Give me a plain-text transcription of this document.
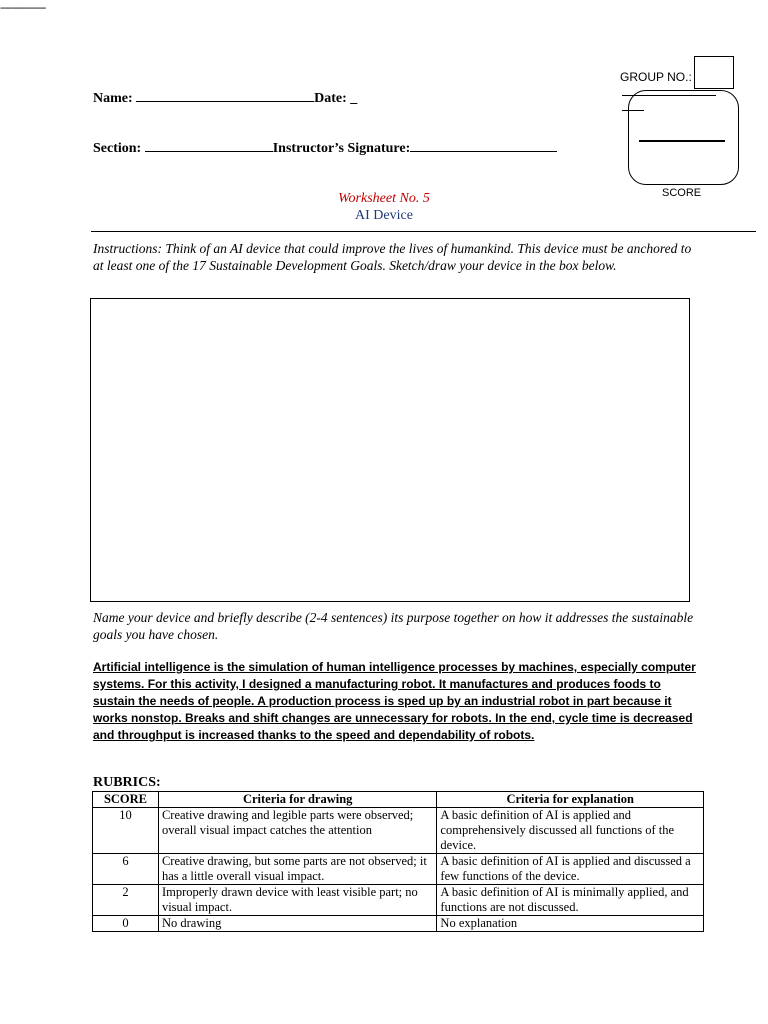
-----------------
Name:	Date: _
Section:	Instructor’s Signature:
GROUP NO.:
SCORE
Worksheet No. 5
AI Device
Instructions: Think of an AI device that could improve the lives of humankind. This device must be anchored to at least one of the 17 Sustainable Development Goals. Sketch/draw your device in the box below.
Name your device and briefly describe (2-4 sentences) its purpose together on how it addresses the sustainable goals you have chosen.
Artificial intelligence is the simulation of human intelligence processes by machines, especially computer systems. For this activity, I designed a manufacturing robot. It manufactures and produces foods to sustain the needs of people. A production process is sped up by an industrial robot in part because it works nonstop. Breaks and shift changes are unnecessary for robots. In the end, cycle time is decreased and throughput is increased thanks to the speed and dependability of robots.
RUBRICS:
SCORE	Criteria for drawing	Criteria for explanation
10	Creative drawing and legible parts were observed; overall visual impact catches the attention	A basic definition of AI is applied and comprehensively discussed all functions of the device.
6	Creative drawing, but some parts are not observed; it has a little overall visual impact.	A basic definition of AI is applied and discussed a few functions of the device.
2	Improperly drawn device with least visible part; no visual impact.	A basic definition of AI is minimally applied, and functions are not discussed.
0	No drawing	No explanation
